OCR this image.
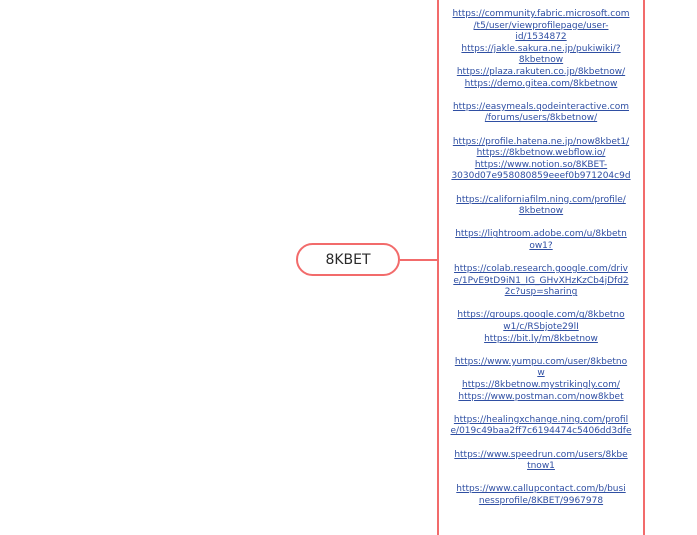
8KBET
https://community.fabric.microsoft.com
/t5/user/viewprofilepage/user-
id/1534872
https://jakle.sakura.ne.jp/pukiwiki/?
8kbetnow
https://plaza.rakuten.co.jp/8kbetnow/
https://demo.gitea.com/8kbetnow
https://easymeals.qodeinteractive.com
/forums/users/8kbetnow/
https://profile.hatena.ne.jp/now8kbet1/
https://8kbetnow.webflow.io/
https://www.notion.so/8KBET-
3030d07e958080859eeef0b971204c9d
https://californiafilm.ning.com/profile/
8kbetnow
https://lightroom.adobe.com/u/8kbetn
ow1?
https://colab.research.google.com/driv
e/1PvE9tD9iN1_IG_GHvXHzKzCb4jDfd2
2c?usp=sharing
https://groups.google.com/g/8kbetno
w1/c/RSbjote29lI
https://bit.ly/m/8kbetnow
https://www.yumpu.com/user/8kbetno
w
https://8kbetnow.mystrikingly.com/
https://www.postman.com/now8kbet
https://healingxchange.ning.com/profil
e/019c49baa2ff7c6194474c5406dd3dfe
https://www.speedrun.com/users/8kbe
tnow1
https://www.callupcontact.com/b/busi
nessprofile/8KBET/9967978
